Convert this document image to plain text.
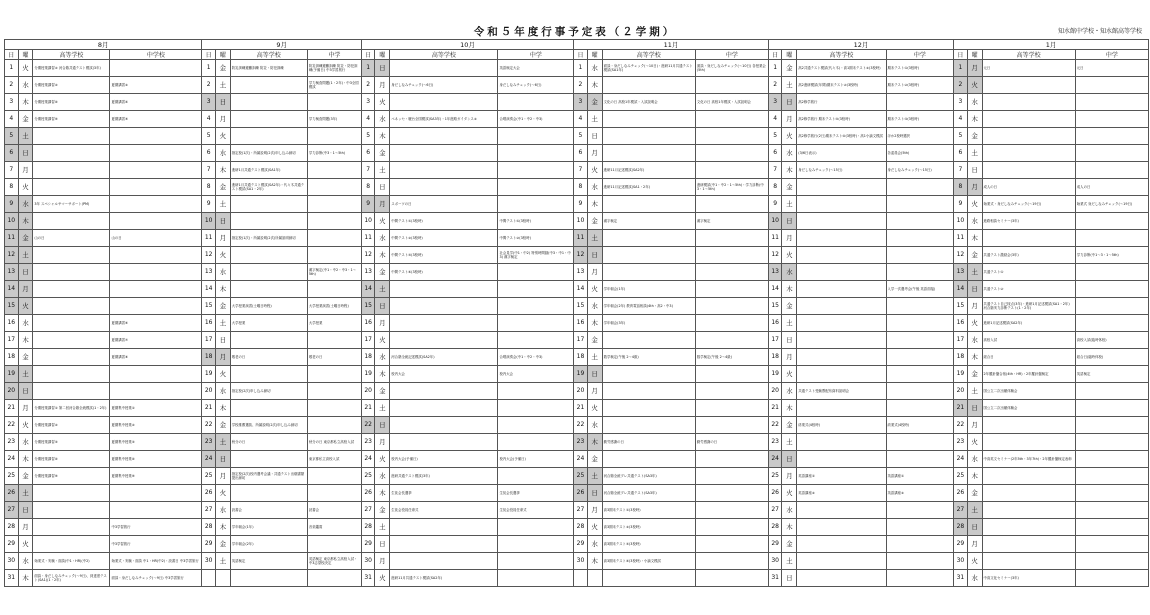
令和５年度行事予定表（２学期）	知水館中学校・知水館高等学校
8月				9月				10月				11月				12月				1月			
日	曜	高等学校	中学校	日	曜	高等学校	中学	日	曜	高等学校	中学	日	曜	高等学校	中学	日	曜	高等学校	中学	日	曜	高等学校	中学
1	火	分期授業講習② 河合塾共通テスト模試(3年)		1	金	防災訓練避難訓練 防災・防犯訓練	防災訓練避難訓練 防災・防犯訓練(予備日) 中3学習旅行	1	日		英語検定大会	1	水	面談・身だしなみチェック(～10日)・進研11月共通テスト模試(SA1年)	面談・身だしなみチェック(～10日) 各授業会(5th)	1	金	高2共通テスト模試(代々木)・高1期末テスト②(3校時)	期末テスト①(3校時)	1	月	元日	元日
2	水	分期授業講習②	夏期講習②	2	土		学力検査問題(1・2年)・中3全国模試	2	月	身だしなみチェック(～6日)	身だしなみチェック(～6日)	2	木			2	土	高2進研模試(年間)期末テスト②(3校時)	期末テスト②(3校時)	2	火		
3	木	分期授業講習④	夏期講習④	3	日			3	火			3	金	文化の日 高校1年模試・入試説明会	文化の日 高校1年模試・入試説明会	3	日	高2修学旅行		3	水		
4	金	分期授業講習⑤	夏期講習⑤	4	月		学力検査問題(3年)	4	水	ベネッセ・駿台全国模試(SA3年)・1年進路ガイダンス②	合唱演奏会(中1・中2・中3)	4	土			4	月	高2修学旅行 期末テスト③(3校時)	期末テスト③(3校時)	4	木		
5	土			5	火			5	木			5	日			5	火	高2修学旅行(2日)期末テスト④(3校時)・高1小論文模試	ほか2校時選択	5	金		
6	日			6	水	指定校(1次)・所属説明(2次)申し込み締切	学力診断(中3・1～5th)	6	金			6	月			6	水	(3/6日表示)	各委員会(5th)	6	土		
7	月			7	木	進研1月共通テスト模試(SA1年)		7	土			7	火	進研11月記述模試(SA2年)		7	木	身だしなみチェック(～15日)	身だしなみチェック(～15日)	7	日		
8	火			8	金	進研1月共通テスト模試(SA2年)・代々木共通テスト模試(SA1・2年)		8	日			8	水	進研11月記述模試(SA1・2年)	進研模試(中1・中2・1～5th)・学力診断(中3・1～5th)	8	金			8	月	成人の日	成人の日
9	水	3年 スペシャルサマーサポート(PM)		9	土			9	月	スポーツの日		9	木			9	土			9	火	始業式・身だしなみチェック(～19日)	始業式 身だしなみチェック(～19日)
10	木			10	日			10	火	中間テスト①(3校時)	中間テスト①(3校時)	10	金	漢字検定	漢字検定	10	日			10	水	進路相談セミナー(3年)	
11	金	山の日	山の日	11	月	指定校(1次)・所属説明(2次)所属説明締切		11	水	中間テスト②(3校時)	中間テスト②(3校時)	11	土			11	月			11	木		
12	土			12	火			12	木	中間テスト③(3校時)	社会見学(中1・中2) 特別時間割(中3・中1・中3) 漢字検定	12	日			12	火			12	金	共通テスト激励会(3年)	学力診断(中1～3・1～5th)
13	日			13	水		漢字検定(中1・中2・中3・1～5th)	13	金	中間テスト④(3校時)		13	月			13	水			13	土	共通テスト①	
14	月			14	木			14	土			14	火	学年朝会(1年)		14	木		入学一次選考会(午後 英語面接)	14	日	共通テスト②	
15	火			15	金	大学授業演習(土曜日時程)	大学授業演習(土曜日時程)	15	日			15	水	学年朝会(2年) 教育電話相談(4th・高2・中3)		15	金			15	月	共通テスト自己採点(3年)・進研1月記述模試(SA1・2年) 河合塾実力診断テスト(1・2年)	
16	水		夏期講習⑥	16	土	大学授業	大学授業	16	月			16	木	学年朝会(3年)		16	土			16	火	進研1月記述模試(SA2年)	
17	木		夏期講習⑦	17	日			17	火			17	金			17	日			17	水	高校入試	高校入試(臨時休校)
18	金		夏期講習⑧	18	月	敬老の日	敬老の日	18	水	河合塾全統記述模試(SA2年)	合唱演奏会(中1・中2・中3)	18	土	数学検定(午後 2～4級)	数学検定(午後 2～4級)	18	月			18	木	総合日	総合日(臨時休校)
19	土			19	火			19	木	校内大会	校内大会	19	日			19	火			19	金	2年羅針盤合宿(4th・HR)・2年羅針盤検定	英語検定
20	日			20	水	指定校(2次)申し込み締切		20	金			20	月			20	水	共通テスト受験票配布資料説明会		20	土	国公立二次出願体験会	
21	月	分期授業講習① 第二回河合塾全統模試(1・2年)	夏期集中授業①	21	木			21	土			21	火			21	木			21	日	国公立二次出願体験会	
22	火	分期授業講習②	夏期集中授業②	22	金	学校推薦選抜、所属説明(2次)申し込み締切		22	日			22	水			22	金	終業式(4校時)	終業式(4校時)	22	月		
23	水	分期授業講習③	夏期集中授業③	23	土	秋分の日	秋分の日 東京都私立高校入試	23	月			23	木	勤労感謝の日	勤労感謝の日	23	土			23	火		
24	木	分期授業講習④	夏期集中授業④	24	日		東京都私立高校入試	24	火	校内大会(予備日)	校内大会(予備日)	24	金			24	日			24	水	中高英文セミナー(2年5th・3年7th)・2年羅針盤検定表彰	
25	金	分期授業講習⑤	夏期集中授業⑤	25	月	指定校(2次)校内選考会議・共通テスト出願書類提出締切		25	水	進研共通テスト模試(3年)		25	土	河合塾全統プレ共通テスト(SA3年)		25	月	英語講座①	英語講座①	25	木		
26	土			26	火			26	木	生徒会長選挙	生徒会長選挙	26	日	河合塾全統プレ共通テスト(SA3年)		26	火	英語講座②	英語講座②	26	金		
27	日			27	水	読書会	読書会	27	金	生徒会役員任命式	生徒会役員任命式	27	月	高3期末テスト①(3校時)		27	水			27	土		
28	月		中3学習旅行	28	木	学年朝会(1年)	音楽鑑賞	28	土			28	火	高3期末テスト②(3校時)		28	木			28	日		
29	火		中3学習旅行	29	金	学年朝会(2年)		29	日			29	水	高3期末テスト③(3校時)		29	金			29	月		
30	水	始業式・実験・面談(中1・HR)(中2)	始業式・実験・面談 中1・HR(中2)・読書日 中3学習旅行	30	土	英語検定	英語検定 東京都私立高校入試・中3志望校決定	30	月			30	木	高3期末テスト④(3校時)・小論文模試		30	土			30	火		
31	木	面談・身だしなみチェック(～9日)、到達度テスト(SA1)(1・2年)	面談・身だしなみチェック(～9日) 中3学習旅行					31	火	進研11月共通テスト模試(SA2年)						31	日			31	水	中高文化セミナー(3年)	
